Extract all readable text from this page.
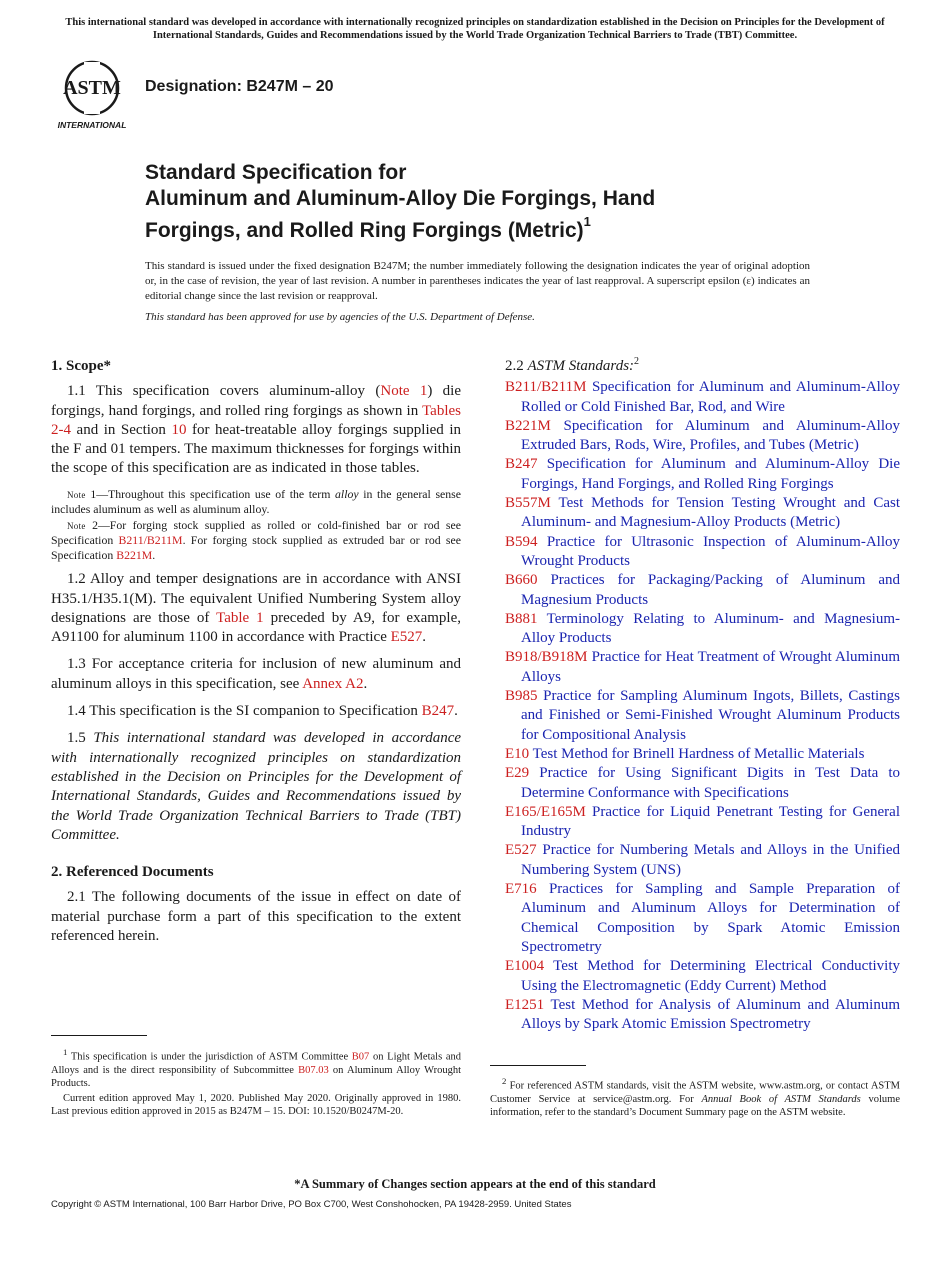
This international standard was developed in accordance with internationally recognized principles on standardization established in the Decision on Principles for the Development of International Standards, Guides and Recommendations issued by the World Trade Organization Technical Barriers to Trade (TBT) Committee.
ASTM
INTERNATIONAL
Designation: B247M – 20
Standard Specification for
Aluminum and Aluminum-Alloy Die Forgings, Hand
Forgings, and Rolled Ring Forgings (Metric)$^1$
This standard is issued under the fixed designation B247M; the number immediately following the designation indicates the year of original adoption or, in the case of revision, the year of last revision. A number in parentheses indicates the year of last reapproval. A superscript epsilon (ε) indicates an editorial change since the last revision or reapproval.
This standard has been approved for use by agencies of the U.S. Department of Defense.
1. Scope*

1.1 This specification covers aluminum-alloy (Note 1) die forgings, hand forgings, and rolled ring forgings as shown in Tables 2-4 and in Section 10 for heat-treatable alloy forgings supplied in the F and 01 tempers. The maximum thicknesses for forgings within the scope of this specification are as indicated in those tables.

Note 1—Throughout this specification use of the term alloy in the general sense includes aluminum as well as aluminum alloy.

Note 2—For forging stock supplied as rolled or cold-finished bar or rod see Specification B211/B211M. For forging stock supplied as extruded bar or rod see Specification B221M.

1.2 Alloy and temper designations are in accordance with ANSI H35.1/H35.1(M). The equivalent Unified Numbering System alloy designations are those of Table 1 preceded by A9, for example, A91100 for aluminum 1100 in accordance with Practice E527.

1.3 For acceptance criteria for inclusion of new aluminum and aluminum alloys in this specification, see Annex A2.

1.4 This specification is the SI companion to Specification B247.

1.5 This international standard was developed in accordance with internationally recognized principles on standardization established in the Decision on Principles for the Development of International Standards, Guides and Recommendations issued by the World Trade Organization Technical Barriers to Trade (TBT) Committee.

2. Referenced Documents

2.1 The following documents of the issue in effect on date of material purchase form a part of this specification to the extent referenced herein.

2.2 ASTM Standards:$^2$

B211/B211M Specification for Aluminum and Aluminum-Alloy Rolled or Cold Finished Bar, Rod, and Wire

B221M Specification for Aluminum and Aluminum-Alloy Extruded Bars, Rods, Wire, Profiles, and Tubes (Metric)

B247 Specification for Aluminum and Aluminum-Alloy Die Forgings, Hand Forgings, and Rolled Ring Forgings

B557M Test Methods for Tension Testing Wrought and Cast Aluminum- and Magnesium-Alloy Products (Metric)

B594 Practice for Ultrasonic Inspection of Aluminum-Alloy Wrought Products

B660 Practices for Packaging/Packing of Aluminum and Magnesium Products

B881 Terminology Relating to Aluminum- and Magnesium-Alloy Products

B918/B918M Practice for Heat Treatment of Wrought Aluminum Alloys

B985 Practice for Sampling Aluminum Ingots, Billets, Castings and Finished or Semi-Finished Wrought Aluminum Products for Compositional Analysis

E10 Test Method for Brinell Hardness of Metallic Materials

E29 Practice for Using Significant Digits in Test Data to Determine Conformance with Specifications

E165/E165M Practice for Liquid Penetrant Testing for General Industry

E527 Practice for Numbering Metals and Alloys in the Unified Numbering System (UNS)

E716 Practices for Sampling and Sample Preparation of Aluminum and Aluminum Alloys for Determination of Chemical Composition by Spark Atomic Emission Spectrometry

E1004 Test Method for Determining Electrical Conductivity Using the Electromagnetic (Eddy Current) Method

E1251 Test Method for Analysis of Aluminum and Aluminum Alloys by Spark Atomic Emission Spectrometry

$^1$ This specification is under the jurisdiction of ASTM Committee B07 on Light Metals and Alloys and is the direct responsibility of Subcommittee B07.03 on Aluminum Alloy Wrought Products.

Current edition approved May 1, 2020. Published May 2020. Originally approved in 1980. Last previous edition approved in 2015 as B247M – 15. DOI: 10.1520/B0247M-20.

$^2$ For referenced ASTM standards, visit the ASTM website, www.astm.org, or contact ASTM Customer Service at service@astm.org. For Annual Book of ASTM Standards volume information, refer to the standard’s Document Summary page on the ASTM website.

*A Summary of Changes section appears at the end of this standard
Copyright © ASTM International, 100 Barr Harbor Drive, PO Box C700, West Conshohocken, PA 19428-2959. United States
